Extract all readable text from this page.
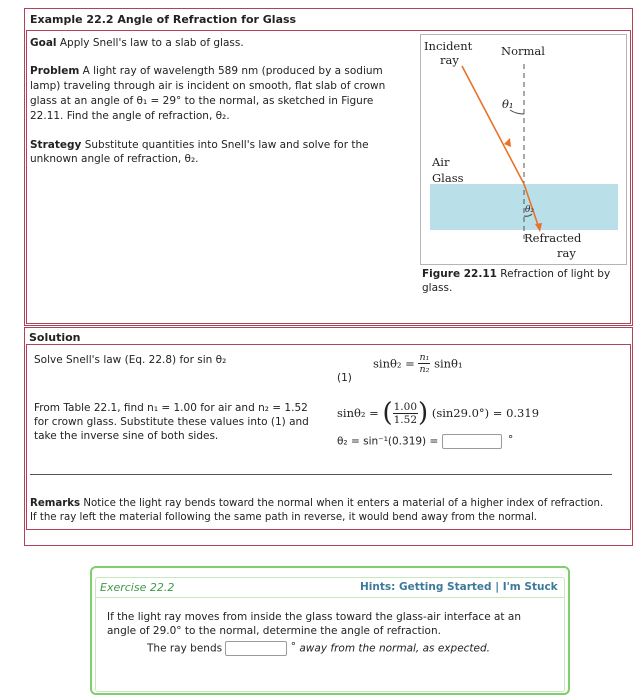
Example 22.2 Angle of Refraction for Glass
Goal Apply Snell's law to a slab of glass.
Problem A light ray of wavelength 589 nm (produced by a sodium
lamp) traveling through air is incident on smooth, flat slab of crown
glass at an angle of θ₁ = 29° to the normal, as sketched in Figure
22.11. Find the angle of refraction, θ₂.
Strategy Substitute quantities into Snell's law and solve for the
unknown angle of refraction, θ₂.
Incident
ray
Normal
θ₁
Air
Glass
θ₂
Refracted
ray
Figure 22.11 Refraction of light by
glass.
Solution
Solve Snell's law (Eq. 22.8) for sin θ₂
(1)
$\sin\theta_2 = \frac{\text{n₁}}{\text{n₂}} \sin\theta_1$
From Table 22.1, find n₁ = 1.00 for air and n₂ = 1.52
for crown glass. Substitute these values into (1) and
take the inverse sine of both sides.
sinθ₂ = ( $\frac{1.00}{1.52}$ ) (sin29.0°) = 0.319
θ₂ = sin⁻¹(0.319) =	°
Remarks Notice the light ray bends toward the normal when it enters a material of a higher index of refraction.
If the ray left the material following the same path in reverse, it would bend away from the normal.
Exercise 22.2	Hints: Getting Started | I'm Stuck
If the light ray moves from inside the glass toward the glass-air interface at an
angle of 29.0° to the normal, determine the angle of refraction.
The ray bends	° away from the normal, as expected.
